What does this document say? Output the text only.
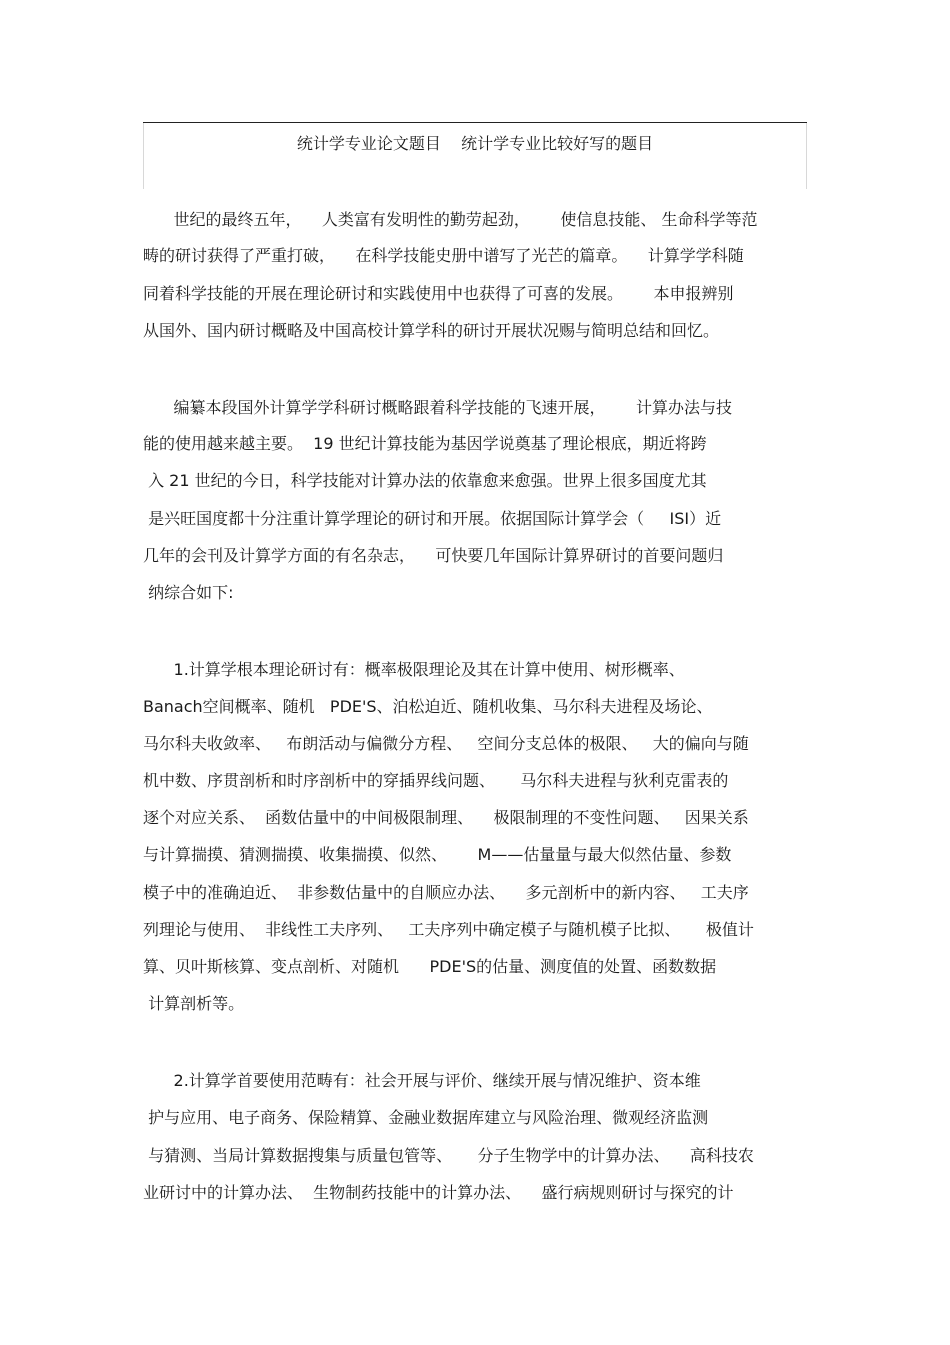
统计学专业论文题目    统计学专业比较好写的题目
世纪的最终五年，    人类富有发明性的勤劳起劲，      使信息技能、 生命科学等范
畴的研讨获得了严重打破，    在科学技能史册中谱写了光芒的篇章。    计算学学科随
同着科学技能的开展在理论研讨和实践使用中也获得了可喜的发展。      本申报辨别
从国外、国内研讨概略及中国高校计算学科的研讨开展状况赐与简明总结和回忆。
编纂本段国外计算学学科研讨概略跟着科学技能的飞速开展，      计算办法与技
能的使用越来越主要。  19 世纪计算技能为基因学说奠基了理论根底，期近将跨
入 21 世纪的今日，科学技能对计算办法的依靠愈来愈强。世界上很多国度尤其
是兴旺国度都十分注重计算学理论的研讨和开展。依据国际计算学会（     ISI）近
几年的会刊及计算学方面的有名杂志，    可快要几年国际计算界研讨的首要问题归
纳综合如下:
1.计算学根本理论研讨有：概率极限理论及其在计算中使用、树形概率、
Banach空间概率、随机   PDE'S、泊松迫近、随机收集、马尔科夫进程及场论、
马尔科夫收敛率、   布朗活动与偏微分方程、   空间分支总体的极限、   大的偏向与随
机中数、序贯剖析和时序剖析中的穿插界线问题、     马尔科夫进程与狄利克雷表的
逐个对应关系、  函数估量中的中间极限制理、    极限制理的不变性问题、   因果关系
与计算揣摸、猜测揣摸、收集揣摸、似然、      M——估量量与最大似然估量、参数
模子中的准确迫近、  非参数估量中的自顺应办法、    多元剖析中的新内容、   工夫序
列理论与使用、  非线性工夫序列、   工夫序列中确定模子与随机模子比拟、     极值计
算、贝叶斯核算、变点剖析、对随机      PDE'S的估量、测度值的处置、函数数据
计算剖析等。
2.计算学首要使用范畴有：社会开展与评价、继续开展与情况维护、资本维
护与应用、电子商务、保险精算、金融业数据库建立与风险治理、微观经济监测
与猜测、当局计算数据搜集与质量包管等、     分子生物学中的计算办法、    高科技农
业研讨中的计算办法、  生物制药技能中的计算办法、    盛行病规则研讨与探究的计
